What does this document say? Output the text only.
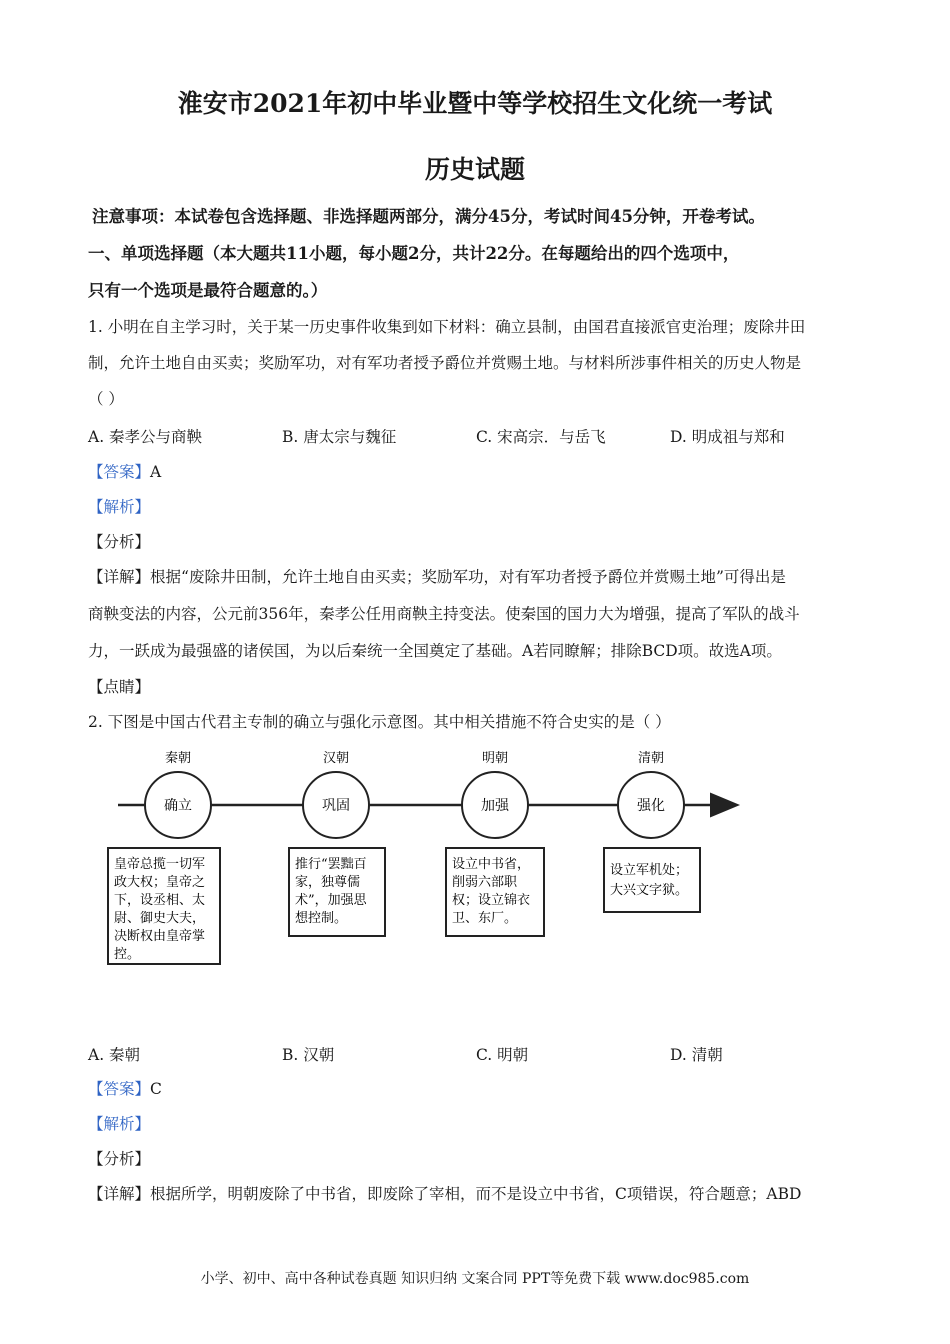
淮安市2021年初中毕业暨中等学校招生文化统一考试
历史试题
注意事项：本试卷包含选择题、非选择题两部分，满分45分，考试时间45分钟，开卷考试。
一、单项选择题（本大题共11小题，每小题2分，共计22分。在每题给出的四个选项中，
只有一个选项是最符合题意的。）
1. 小明在自主学习时，关于某一历史事件收集到如下材料：确立县制，由国君直接派官吏治理；废除井田
制，允许土地自由买卖；奖励军功，对有军功者授予爵位并赏赐土地。与材料所涉事件相关的历史人物是
（ ）
A. 秦孝公与商鞅	B. 唐太宗与魏征	C. 宋高宗．与岳飞	D. 明成祖与郑和
【答案】A
【解析】
【分析】
【详解】根据“废除井田制，允许土地自由买卖；奖励军功，对有军功者授予爵位并赏赐土地”可得出是
商鞅变法的内容，公元前356年，秦孝公任用商鞅主持变法。使秦国的国力大为增强，提高了军队的战斗
力，一跃成为最强盛的诸侯国，为以后秦统一全国奠定了基础。A若同瞭解；排除BCD项。故选A项。
【点睛】
2. 下图是中国古代君主专制的确立与强化示意图。其中相关措施不符合史实的是（ ）
秦朝
确立
皇帝总揽一切军
政大权；皇帝之
下，设丞相、太
尉、御史大夫，
决断权由皇帝掌
控。
汉朝
巩固
推行“罢黜百
家，独尊儒
术”，加强思
想控制。
明朝
加强
设立中书省，
削弱六部职
权；设立锦衣
卫、东厂。
清朝
强化
设立军机处；
大兴文字狱。
A. 秦朝	B. 汉朝	C. 明朝	D. 清朝
【答案】C
【解析】
【分析】
【详解】根据所学，明朝废除了中书省，即废除了宰相，而不是设立中书省，C项错误，符合题意；ABD
小学、初中、高中各种试卷真题 知识归纳 文案合同 PPT等免费下载 www.doc985.com
